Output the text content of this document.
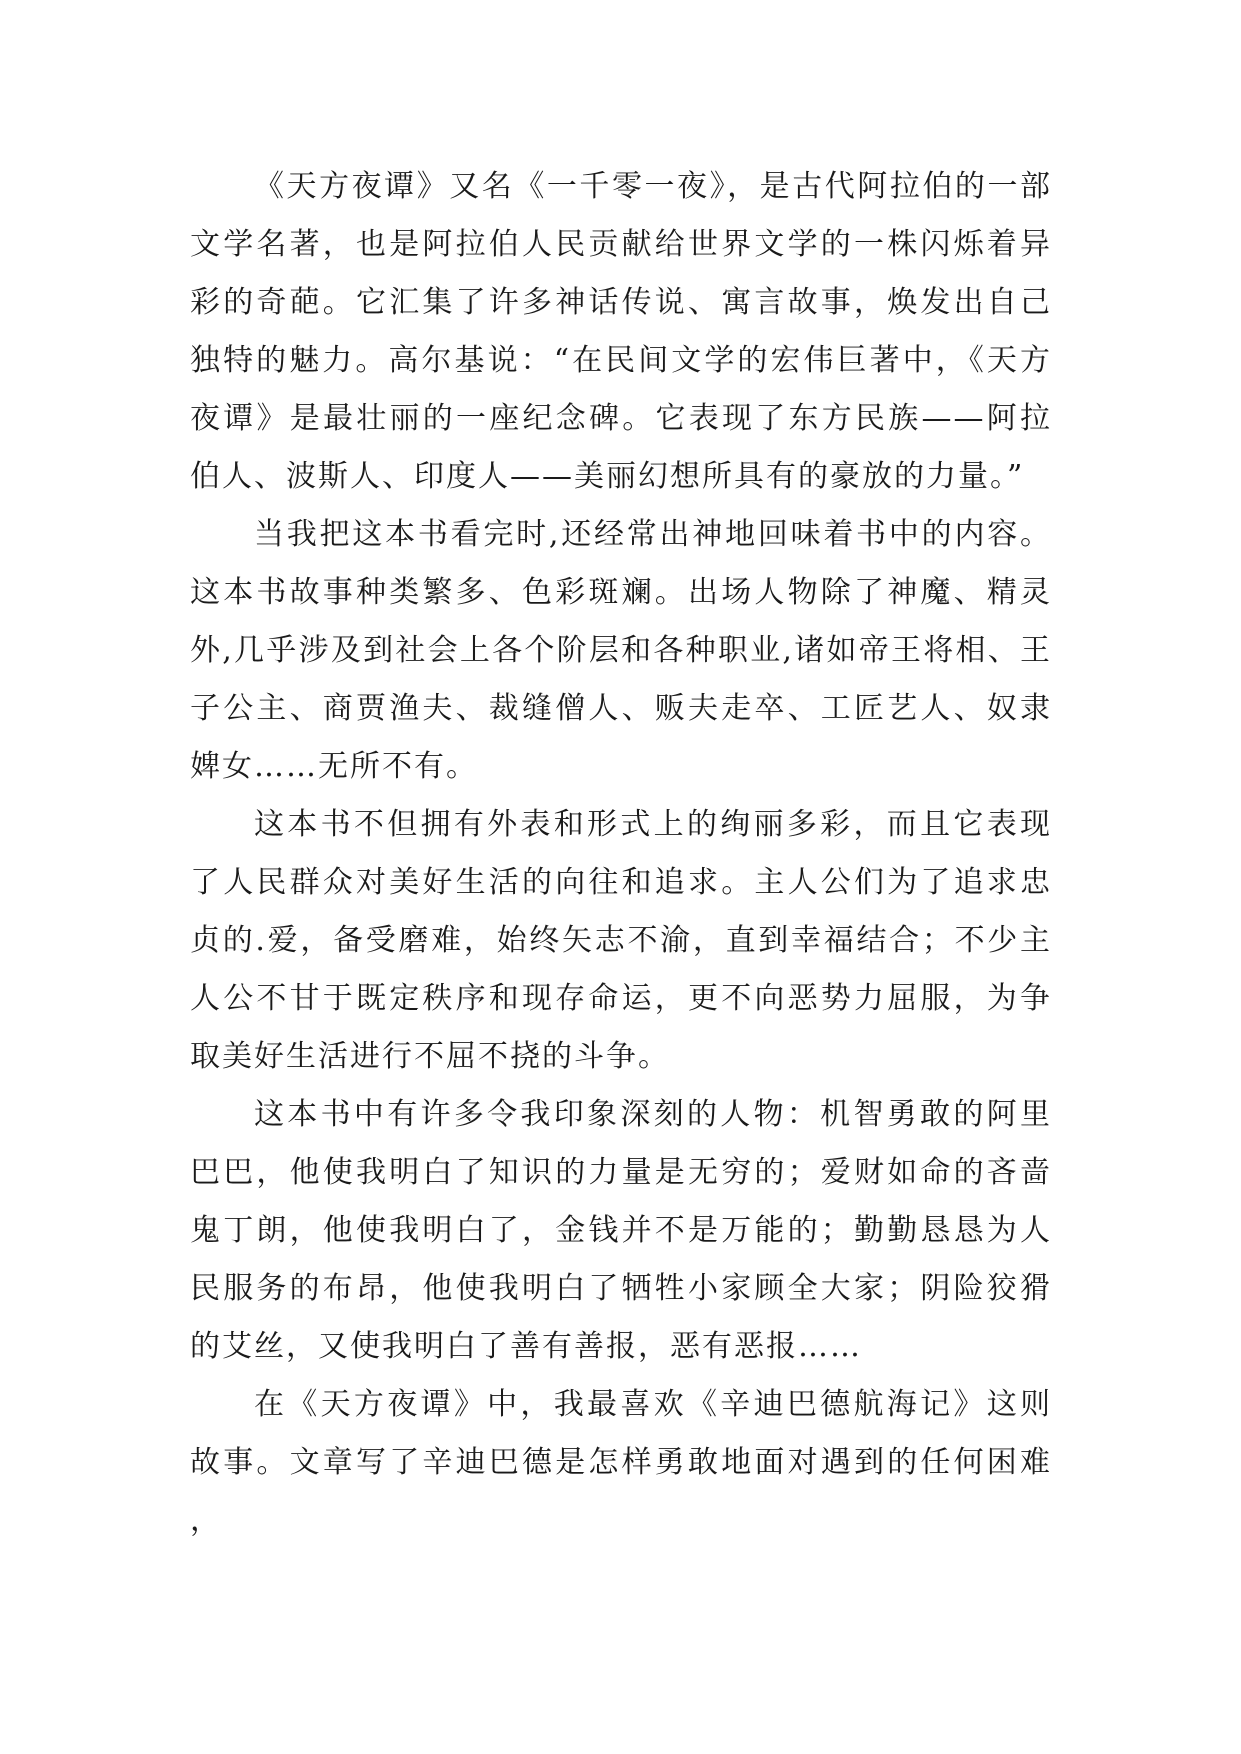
《天方夜谭》又名《一千零一夜》，是古代阿拉伯的一部文学名著，也是阿拉伯人民贡献给世界文学的一株闪烁着异彩的奇葩。它汇集了许多神话传说、寓言故事，焕发出自己独特的魅力。高尔基说：“在民间文学的宏伟巨著中，《天方夜谭》是最壮丽的一座纪念碑。它表现了东方民族——阿拉伯人、波斯人、印度人——美丽幻想所具有的豪放的力量。”

当我把这本书看完时,还经常出神地回味着书中的内容。这本书故事种类繁多、色彩斑斓。出场人物除了神魔、精灵外,几乎涉及到社会上各个阶层和各种职业,诸如帝王将相、王子公主、商贾渔夫、裁缝僧人、贩夫走卒、工匠艺人、奴隶婢女……无所不有。

这本书不但拥有外表和形式上的绚丽多彩，而且它表现了人民群众对美好生活的向往和追求。主人公们为了追求忠贞的.爱，备受磨难，始终矢志不渝，直到幸福结合；不少主人公不甘于既定秩序和现存命运，更不向恶势力屈服，为争取美好生活进行不屈不挠的斗争。

这本书中有许多令我印象深刻的人物：机智勇敢的阿里巴巴，他使我明白了知识的力量是无穷的；爱财如命的吝啬鬼丁朗，他使我明白了，金钱并不是万能的；勤勤恳恳为人民服务的布昂，他使我明白了牺牲小家顾全大家；阴险狡猾的艾丝，又使我明白了善有善报，恶有恶报……

在《天方夜谭》中，我最喜欢《辛迪巴德航海记》这则故事。文章写了辛迪巴德是怎样勇敢地面对遇到的任何困难，
